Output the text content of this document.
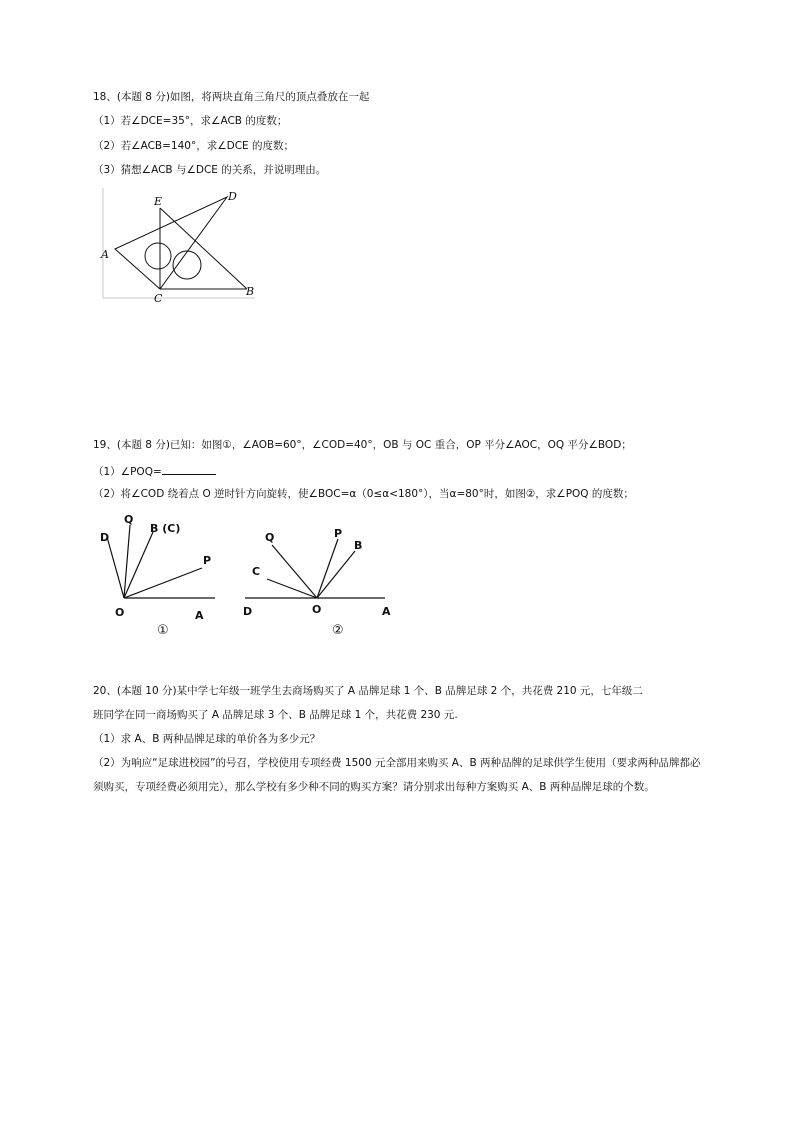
18、(本题 8 分)如图，将两块直角三角尺的顶点叠放在一起
（1）若∠DCE=35°，求∠ACB 的度数；
（2）若∠ACB=140°，求∠DCE 的度数；
（3）猜想∠ACB 与∠DCE 的关系，并说明理由。
A
E	D
C
B
19、(本题 8 分)已知：如图①，∠AOB=60°，∠COD=40°，OB 与 OC 重合，OP 平分∠AOC，OQ 平分∠BOD；
（1）∠POQ=
（2）将∠COD 绕着点 O 逆时针方向旋转，使∠BOC=α（0≤α<180°），当α=80°时，如图②，求∠POQ 的度数；
D
Q
B (C)
P
O	A
①
Q	P
B
C
D	O	A
②
20、(本题 10 分)某中学七年级一班学生去商场购买了 A 品牌足球 1 个、B 品牌足球 2 个，共花费 210 元，七年级二
班同学在同一商场购买了 A 品牌足球 3 个、B 品牌足球 1 个，共花费 230 元.
（1）求 A、B 两种品牌足球的单价各为多少元？
（2）为响应“足球进校园”的号召，学校使用专项经费 1500 元全部用来购买 A、B 两种品牌的足球供学生使用（要求两种品牌都必须购买，专项经费必须用完），那么学校有多少种不同的购买方案？请分别求出每种方案购买 A、B 两种品牌足球的个数。
